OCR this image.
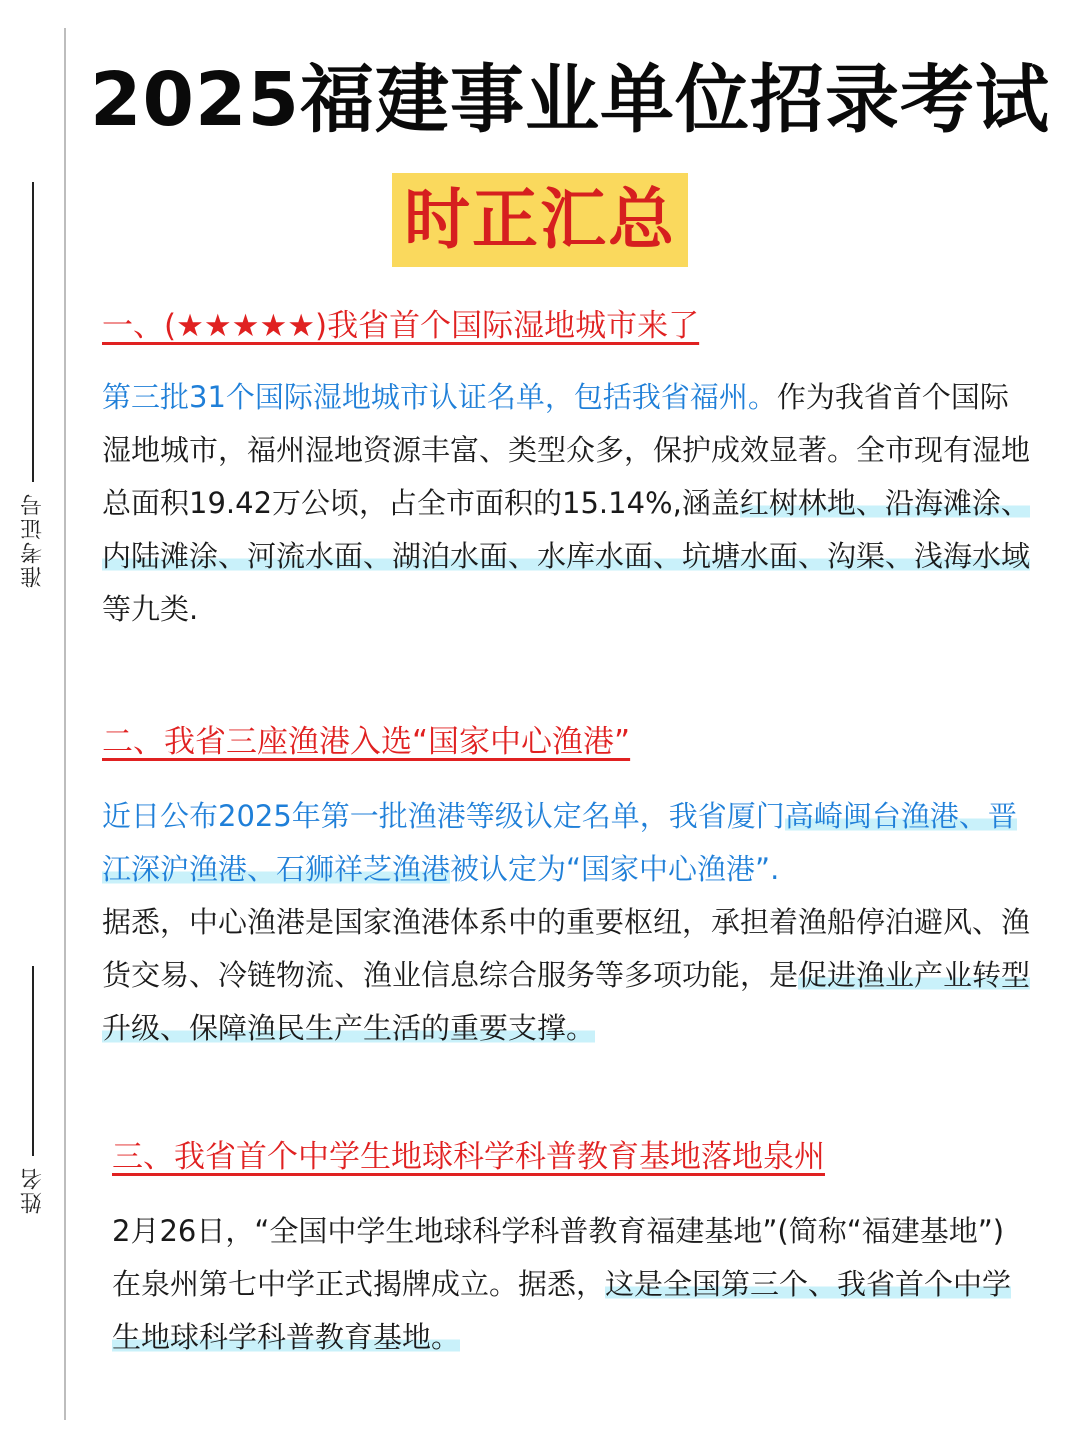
准考证号
姓名
2025福建事业单位招录考试
时正汇总
一、(★★★★★)我省首个国际湿地城市来了
第三批31个国际湿地城市认证名单，包括我省福州。作为我省首个国际湿地城市，福州湿地资源丰富、类型众多，保护成效显著。全市现有湿地总面积19.42万公顷，占全市面积的15.14%,涵盖红树林地、沿海滩涂、内陆滩涂、河流水面、湖泊水面、水库水面、坑塘水面、沟渠、浅海水域等九类.
二、我省三座渔港入选“国家中心渔港”
近日公布2025年第一批渔港等级认定名单，我省厦门高崎闽台渔港、晋江深沪渔港、石狮祥芝渔港被认定为“国家中心渔港”.
据悉，中心渔港是国家渔港体系中的重要枢纽，承担着渔船停泊避风、渔货交易、冷链物流、渔业信息综合服务等多项功能，是促进渔业产业转型升级、保障渔民生产生活的重要支撑。
三、我省首个中学生地球科学科普教育基地落地泉州
2月26日，“全国中学生地球科学科普教育福建基地”(简称“福建基地”)在泉州第七中学正式揭牌成立。据悉，这是全国第三个、我省首个中学生地球科学科普教育基地。
